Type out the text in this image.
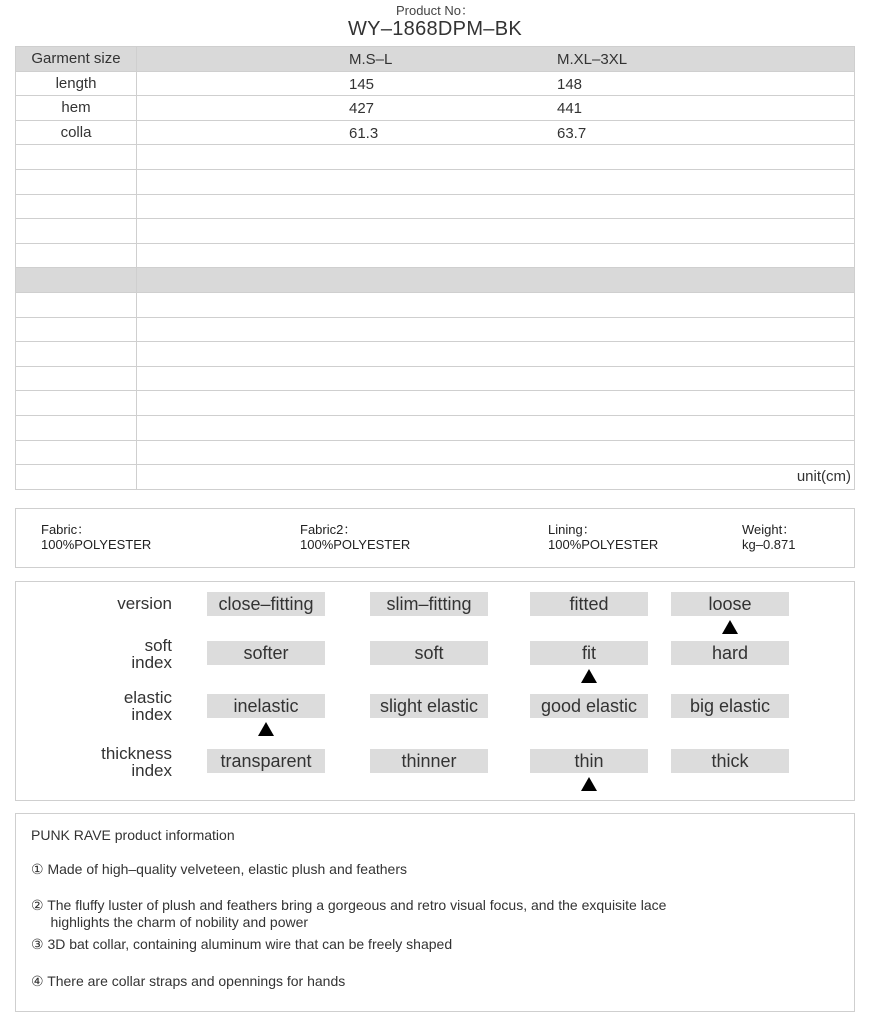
Product No：
WY‒1868DPM‒BK
Garment size	M.S‒L M.XL‒3XL

length	145 148

hem	427 441

colla	61.3 63.7

	unit(cm)
Fabric：
100%POLYESTER
Fabric2：
100%POLYESTER
Lining：
100%POLYESTER
Weight：
kg‒0.871
version	close‒fitting	slim‒fitting	fitted	loose
soft
index	softer	soft	fit	hard
elastic
index	inelastic	slight elastic	good elastic	big elastic
thickness
index	transparent	thinner	thin	thick
PUNK RAVE product information
① Made of high‒quality velveteen, elastic plush and feathers
② The fluffy luster of plush and feathers bring a gorgeous and retro visual focus, and the exquisite lace
highlights the charm of nobility and power
③ 3D bat collar, containing aluminum wire that can be freely shaped
④ There are collar straps and opennings for hands
